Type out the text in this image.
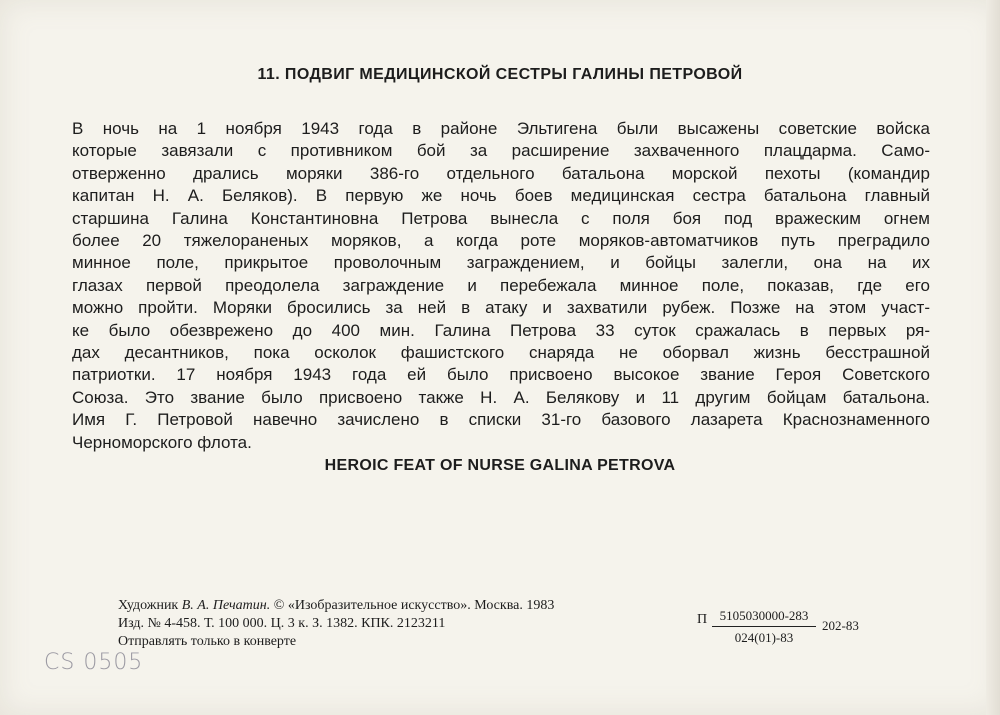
11. ПОДВИГ МЕДИЦИНСКОЙ СЕСТРЫ ГАЛИНЫ ПЕТРОВОЙ
В ночь на 1 ноября 1943 года в районе Эльтигена были высажены советские войска
которые завязали с противником бой за расширение захваченного плацдарма. Само-
отверженно дрались моряки 386-го отдельного батальона морской пехоты (командир
капитан Н. А. Беляков). В первую же ночь боев медицинская сестра батальона главный
старшина Галина Константиновна Петрова вынесла с поля боя под вражеским огнем
более 20 тяжелораненых моряков, а когда роте моряков-автоматчиков путь преградило
минное поле, прикрытое проволочным заграждением, и бойцы залегли, она на их
глазах первой преодолела заграждение и перебежала минное поле, показав, где его
можно пройти. Моряки бросились за ней в атаку и захватили рубеж. Позже на этом участ-
ке было обезврежено до 400 мин. Галина Петрова 33 суток сражалась в первых ря-
дах десантников, пока осколок фашистского снаряда не оборвал жизнь бесстрашной
патриотки. 17 ноября 1943 года ей было присвоено высокое звание Героя Советского
Союза. Это звание было присвоено также Н. А. Белякову и 11 другим бойцам батальона.
Имя Г. Петровой навечно зачислено в списки 31-го базового лазарета Краснознаменного
Черноморского флота.
HEROIC FEAT OF NURSE GALINA PETROVA
Художник В. А. Печатин. © «Изобразительное искусство». Москва. 1983
Изд. № 4-458. Т. 100 000. Ц. 3 к. З. 1382. КПК. 2123211
Отправлять только в конверте
П $\frac{5105030000-283}{024(01)-83} 202-83$
CS 0505
